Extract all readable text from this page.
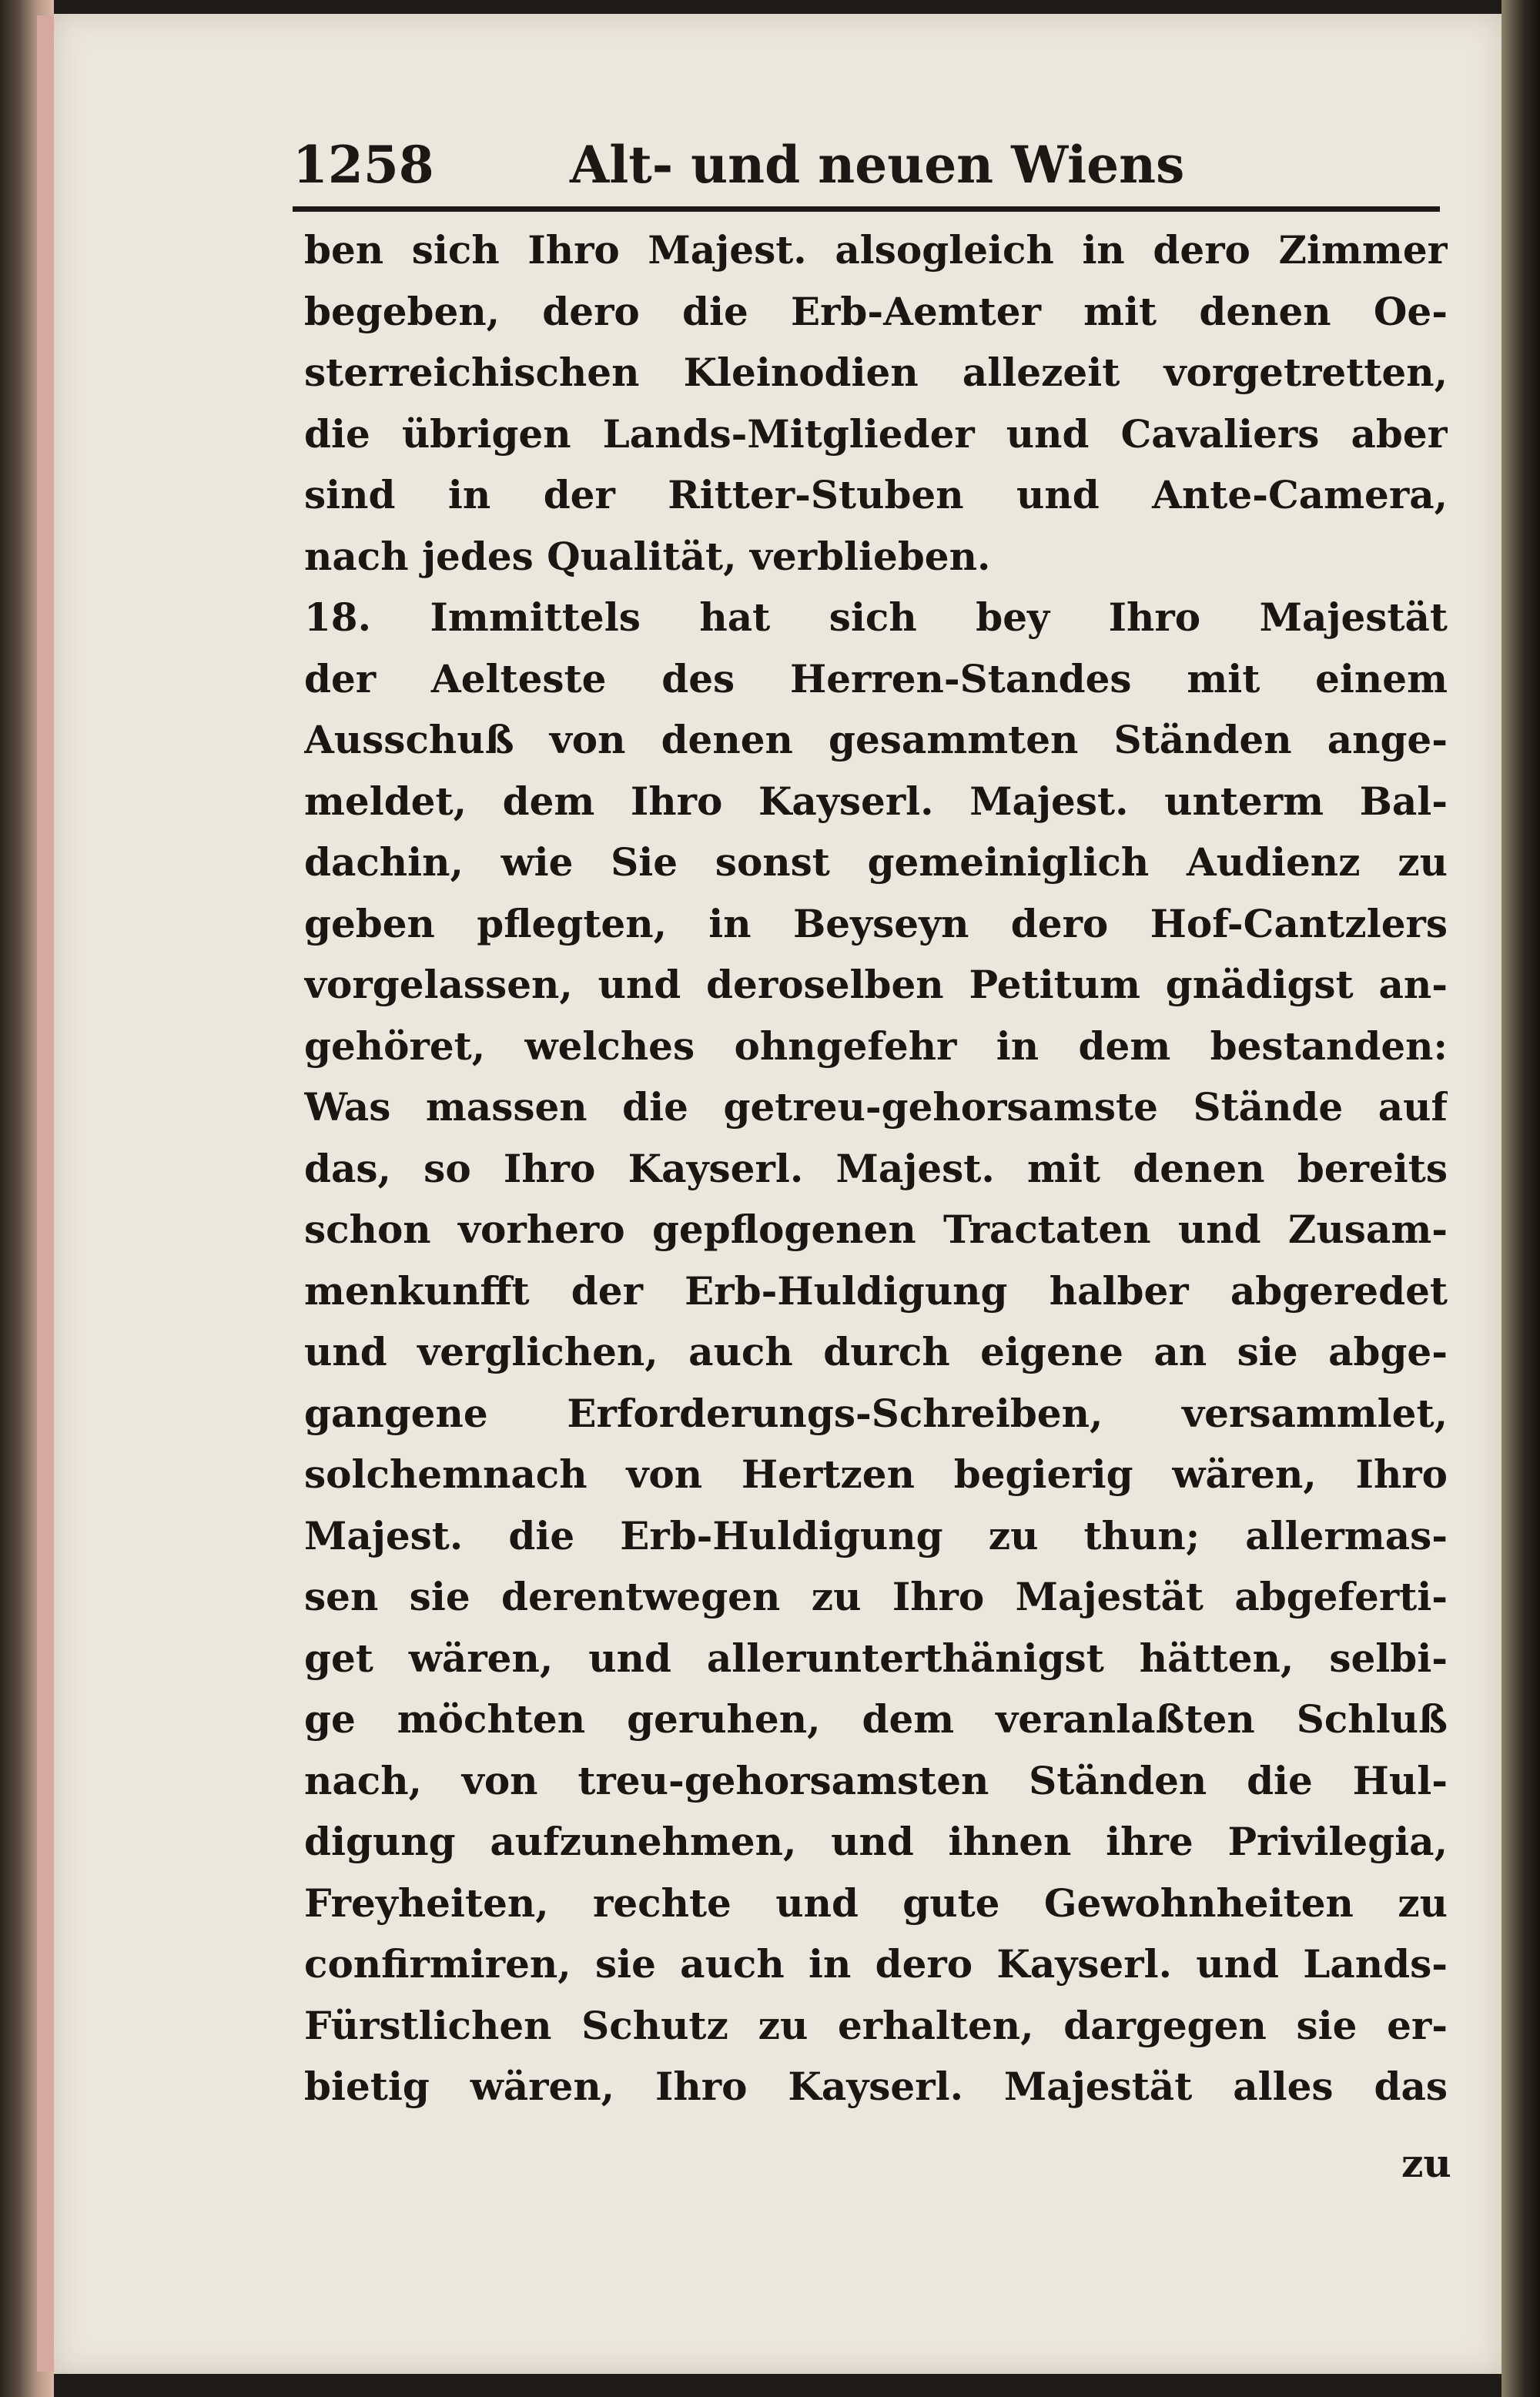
1258	Alt- und neuen Wiens
ben sich Ihro Majest. alsogleich in dero Zimmer
begeben, dero die Erb-Aemter mit denen Oe-
sterreichischen Kleinodien allezeit vorgetretten,
die übrigen Lands-Mitglieder und Cavaliers aber
sind in der Ritter-Stuben und Ante-Camera,
nach jedes Qualität, verblieben.
18. Immittels hat sich bey Ihro Majestät
der Aelteste des Herren-Standes mit einem
Ausschuß von denen gesammten Ständen ange-
meldet, dem Ihro Kayserl. Majest. unterm Bal-
dachin, wie Sie sonst gemeiniglich Audienz zu
geben pflegten, in Beyseyn dero Hof-Cantzlers
vorgelassen, und deroselben Petitum gnädigst an-
gehöret, welches ohngefehr in dem bestanden:
Was massen die getreu-gehorsamste Stände auf
das, so Ihro Kayserl. Majest. mit denen bereits
schon vorhero gepflogenen Tractaten und Zusam-
menkunfft der Erb-Huldigung halber abgeredet
und verglichen, auch durch eigene an sie abge-
gangene Erforderungs-Schreiben, versammlet,
solchemnach von Hertzen begierig wären, Ihro
Majest. die Erb-Huldigung zu thun; allermas-
sen sie derentwegen zu Ihro Majestät abgeferti-
get wären, und allerunterthänigst hätten, selbi-
ge möchten geruhen, dem veranlaßten Schluß
nach, von treu-gehorsamsten Ständen die Hul-
digung aufzunehmen, und ihnen ihre Privilegia,
Freyheiten, rechte und gute Gewohnheiten zu
confirmiren, sie auch in dero Kayserl. und Lands-
Fürstlichen Schutz zu erhalten, dargegen sie er-
bietig wären, Ihro Kayserl. Majestät alles das
zu
